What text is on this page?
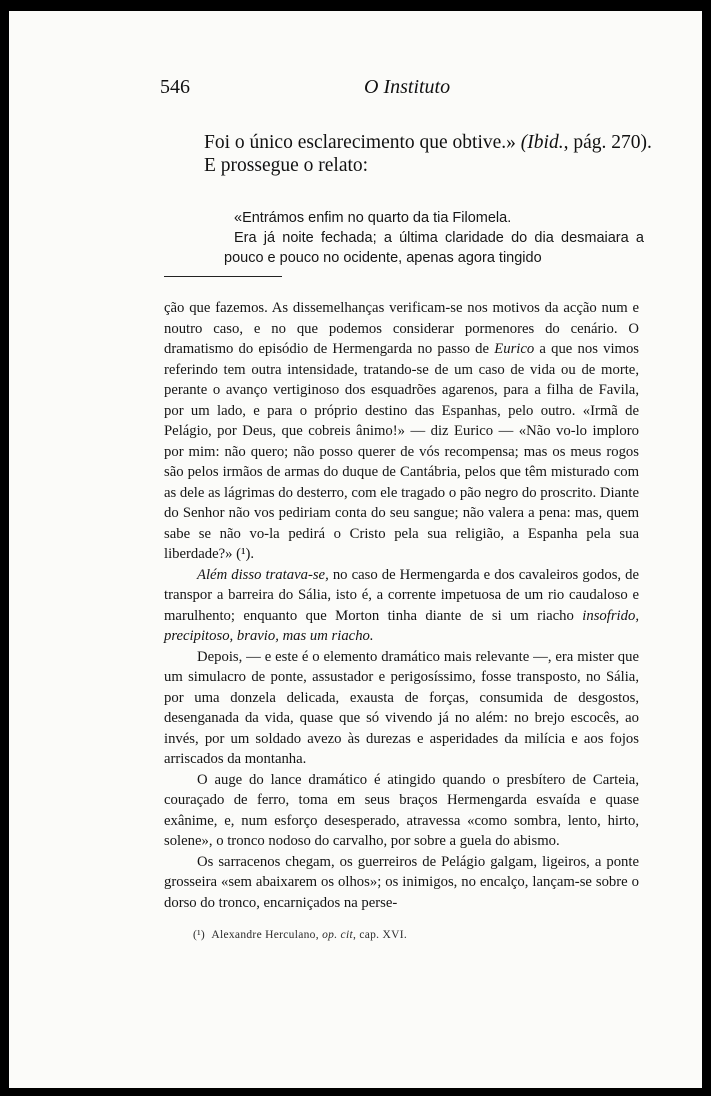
546	O Instituto

Foi o único esclarecimento que obtive.» (Ibid., pág. 270).

E prossegue o relato:

«Entrámos enfim no quarto da tia Filomela.

Era já noite fechada; a última claridade do dia desmaiara a pouco e pouco no ocidente, apenas agora tingido

ção que fazemos. As dissemelhanças verificam-se nos motivos da acção num e noutro caso, e no que podemos considerar pormenores do cenário. O dramatismo do episódio de Hermengarda no passo de Eurico a que nos vimos referindo tem outra intensidade, tratando-se de um caso de vida ou de morte, perante o avanço vertiginoso dos esquadrões agarenos, para a filha de Favila, por um lado, e para o próprio destino das Espanhas, pelo outro. «Irmã de Pelágio, por Deus, que cobreis ânimo!» — diz Eurico — «Não vo-lo imploro por mim: não quero; não posso querer de vós recompensa; mas os meus rogos são pelos irmãos de armas do duque de Cantábria, pelos que têm misturado com as dele as lágrimas do desterro, com ele tragado o pão negro do proscrito. Diante do Senhor não vos pediriam conta do seu sangue; não valera a pena: mas, quem sabe se não vo-la pedirá o Cristo pela sua religião, a Espanha pela sua liberdade?» (¹).

Além disso tratava-se, no caso de Hermengarda e dos cavaleiros godos, de transpor a barreira do Sália, isto é, a corrente impetuosa de um rio caudaloso e marulhento; enquanto que Morton tinha diante de si um riacho insofrido, precipitoso, bravio, mas um riacho.

Depois, — e este é o elemento dramático mais relevante —, era mister que um simulacro de ponte, assustador e perigosíssimo, fosse transposto, no Sália, por uma donzela delicada, exausta de forças, consumida de desgostos, desenganada da vida, quase que só vivendo já no além: no brejo escocês, ao invés, por um soldado avezo às durezas e asperidades da milícia e aos fojos arriscados da montanha.

O auge do lance dramático é atingido quando o presbítero de Carteia, couraçado de ferro, toma em seus braços Hermengarda esvaída e quase exânime, e, num esforço desesperado, atravessa «como sombra, lento, hirto, solene», o tronco nodoso do carvalho, por sobre a guela do abismo.

Os sarracenos chegam, os guerreiros de Pelágio galgam, ligeiros, a ponte grosseira «sem abaixarem os olhos»; os inimigos, no encalço, lançam-se sobre o dorso do tronco, encarniçados na perse-

(¹) Alexandre Herculano, op. cit, cap. XVI.
